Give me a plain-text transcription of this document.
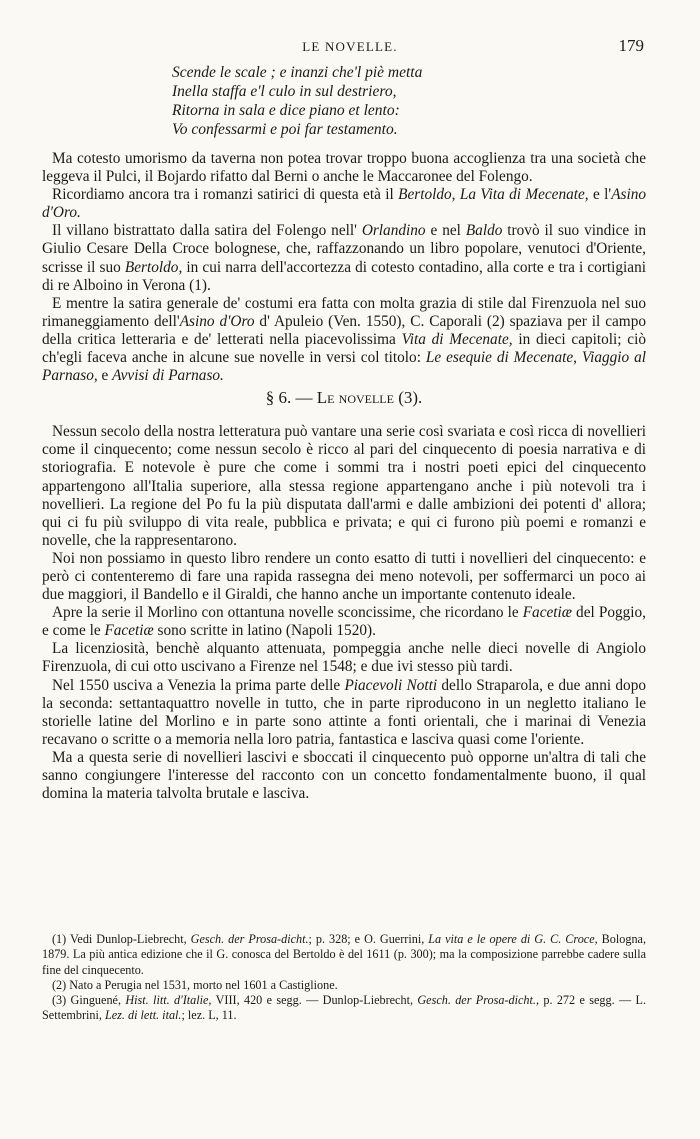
LE NOVELLE.	179
Scende le scale ; e inanzi che'l piè metta
Inella staffa e'l culo in sul destriero,
Ritorna in sala e dice piano et lento:
Vo confessarmi e poi far testamento.

Ma cotesto umorismo da taverna non potea trovar troppo buona accoglienza tra una società che leggeva il Pulci, il Bojardo rifatto dal Berni o anche le Maccaronee del Folengo.

Ricordiamo ancora tra i romanzi satirici di questa età il Bertoldo, La Vita di Mecenate, e l'Asino d'Oro.

Il villano bistrattato dalla satira del Folengo nell' Orlandino e nel Baldo trovò il suo vindice in Giulio Cesare Della Croce bolognese, che, raffazzonando un libro popolare, venutoci d'Oriente, scrisse il suo Bertoldo, in cui narra dell'accortezza di cotesto contadino, alla corte e tra i cortigiani di re Alboino in Verona (1).

E mentre la satira generale de' costumi era fatta con molta grazia di stile dal Firenzuola nel suo rimaneggiamento dell'Asino d'Oro d' Apuleio (Ven. 1550), C. Caporali (2) spaziava per il campo della critica letteraria e de' letterati nella piacevolissima Vita di Mecenate, in dieci capitoli; ciò ch'egli faceva anche in alcune sue novelle in versi col titolo: Le esequie di Mecenate, Viaggio al Parnaso, e Avvisi di Parnaso.

§ 6. — Le novelle (3).

Nessun secolo della nostra letteratura può vantare una serie così svariata e così ricca di novellieri come il cinquecento; come nessun secolo è ricco al pari del cinquecento di poesia narrativa e di storiografia. E notevole è pure che come i sommi tra i nostri poeti epici del cinquecento appartengono all'Italia superiore, alla stessa regione appartengano anche i più notevoli tra i novellieri. La regione del Po fu la più disputata dall'armi e dalle ambizioni dei potenti d' allora; qui ci fu più sviluppo di vita reale, pubblica e privata; e qui ci furono più poemi e romanzi e novelle, che la rappresentarono.

Noi non possiamo in questo libro rendere un conto esatto di tutti i novellieri del cinquecento: e però ci contenteremo di fare una rapida rassegna dei meno notevoli, per soffermarci un poco ai due maggiori, il Bandello e il Giraldi, che hanno anche un importante contenuto ideale.

Apre la serie il Morlino con ottantuna novelle sconcissime, che ricordano le Facetiæ del Poggio, e come le Facetiæ sono scritte in latino (Napoli 1520).

La licenziosità, benchè alquanto attenuata, pompeggia anche nelle dieci novelle di Angiolo Firenzuola, di cui otto uscivano a Firenze nel 1548; e due ivi stesso più tardi.

Nel 1550 usciva a Venezia la prima parte delle Piacevoli Notti dello Straparola, e due anni dopo la seconda: settantaquattro novelle in tutto, che in parte riproducono in un negletto italiano le storielle latine del Morlino e in parte sono attinte a fonti orientali, che i marinai di Venezia recavano o scritte o a memoria nella loro patria, fantastica e lasciva quasi come l'oriente.

Ma a questa serie di novellieri lascivi e sboccati il cinquecento può opporne un'altra di tali che sanno congiungere l'interesse del racconto con un concetto fondamentalmente buono, il qual domina la materia talvolta brutale e lasciva.

(1) Vedi Dunlop-Liebrecht, Gesch. der Prosa-dicht.; p. 328; e O. Guerrini, La vita e le opere di G. C. Croce, Bologna, 1879. La più antica edizione che il G. conosca del Bertoldo è del 1611 (p. 300); ma la composizione parrebbe cadere sulla fine del cinquecento.

(2) Nato a Perugia nel 1531, morto nel 1601 a Castiglione.

(3) Ginguené, Hist. litt. d'Italie, VIII, 420 e segg. — Dunlop-Liebrecht, Gesch. der Prosa-dicht., p. 272 e segg. — L. Settembrini, Lez. di lett. ital.; lez. L, 11.
